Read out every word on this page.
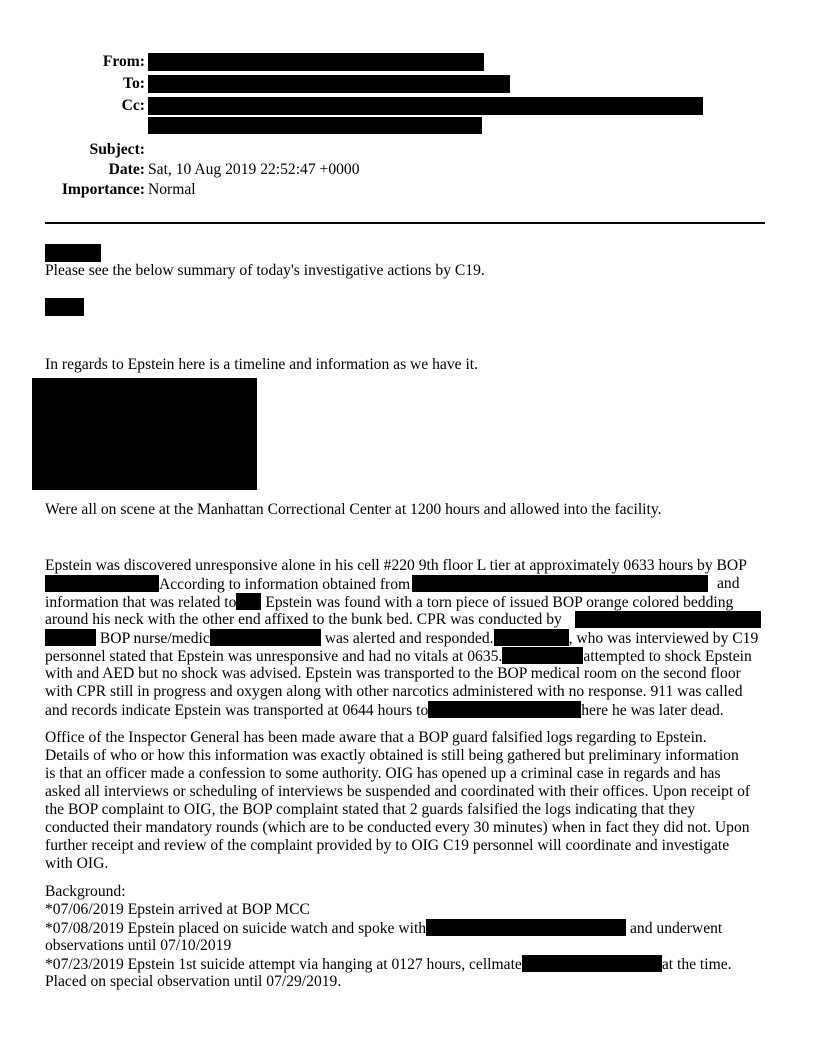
From:
To:
Cc:
Subject:
Date: Sat, 10 Aug 2019 22:52:47 +0000
Importance: Normal
Please see the below summary of today's investigative actions by C19.
In regards to Epstein here is a timeline and information as we have it.
Were all on scene at the Manhattan Correctional Center at 1200 hours and allowed into the facility.
Epstein was discovered unresponsive alone in his cell #220 9th floor L tier at approximately 0633 hours by BOP
According to information obtained from	and
information that was related to Epstein was found with a torn piece of issued BOP orange colored bedding
around his neck with the other end affixed to the bunk bed. CPR was conducted by
BOP nurse/medic	was alerted and responded.	, who was interviewed by C19
personnel stated that Epstein was unresponsive and had no vitals at 0635.	attempted to shock Epstein
with and AED but no shock was advised. Epstein was transported to the BOP medical room on the second floor
with CPR still in progress and oxygen along with other narcotics administered with no response. 911 was called
and records indicate Epstein was transported at 0644 hours to	here he was later dead.
Office of the Inspector General has been made aware that a BOP guard falsified logs regarding to Epstein.
Details of who or how this information was exactly obtained is still being gathered but preliminary information
is that an officer made a confession to some authority. OIG has opened up a criminal case in regards and has
asked all interviews or scheduling of interviews be suspended and coordinated with their offices. Upon receipt of
the BOP complaint to OIG, the BOP complaint stated that 2 guards falsified the logs indicating that they
conducted their mandatory rounds (which are to be conducted every 30 minutes) when in fact they did not. Upon
further receipt and review of the complaint provided by to OIG C19 personnel will coordinate and investigate
with OIG.
Background:
*07/06/2019 Epstein arrived at BOP MCC
*07/08/2019 Epstein placed on suicide watch and spoke with	and underwent
observations until 07/10/2019
*07/23/2019 Epstein 1st suicide attempt via hanging at 0127 hours, cellmate	at the time.
Placed on special observation until 07/29/2019.
